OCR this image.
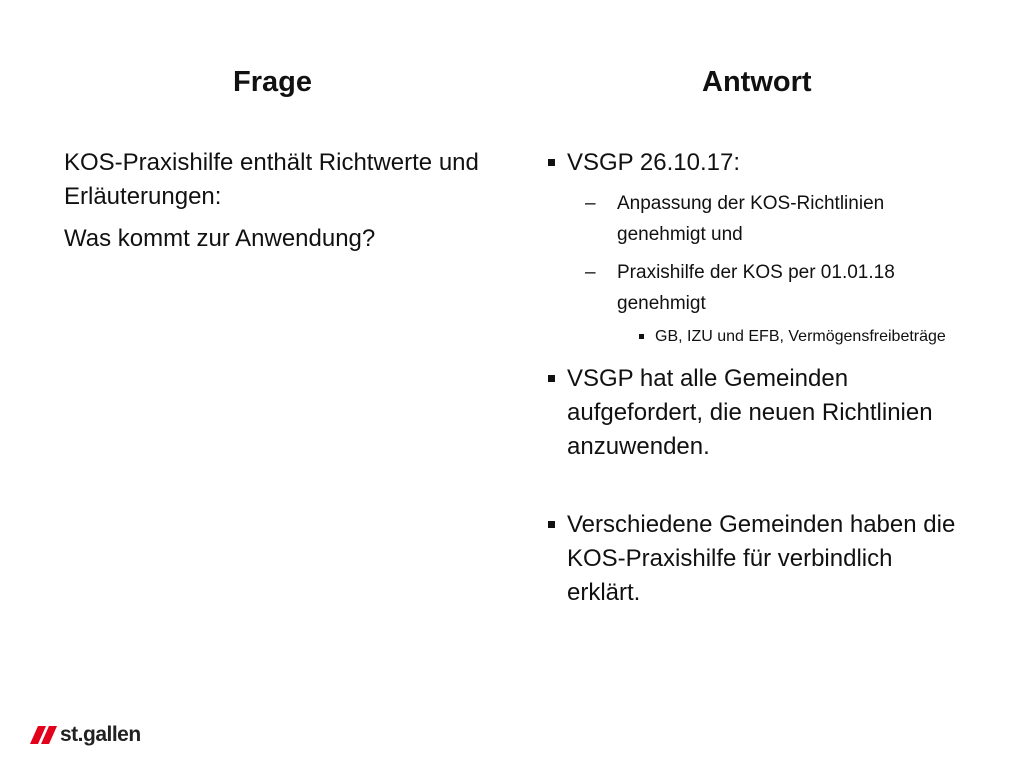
Frage	Antwort

KOS-Praxishilfe enthält Richtwerte und Erläuterungen:

Was kommt zur Anwendung?

VSGP 26.10.17:
– Anpassung der KOS-Richtlinien genehmigt und
– Praxishilfe der KOS per 01.01.18 genehmigt
GB, IZU und EFB, Vermögensfreibeträge
VSGP hat alle Gemeinden aufgefordert, die neuen Richtlinien anzuwenden.
Verschiedene Gemeinden haben die KOS-Praxishilfe für verbindlich erklärt.
st.gallen
